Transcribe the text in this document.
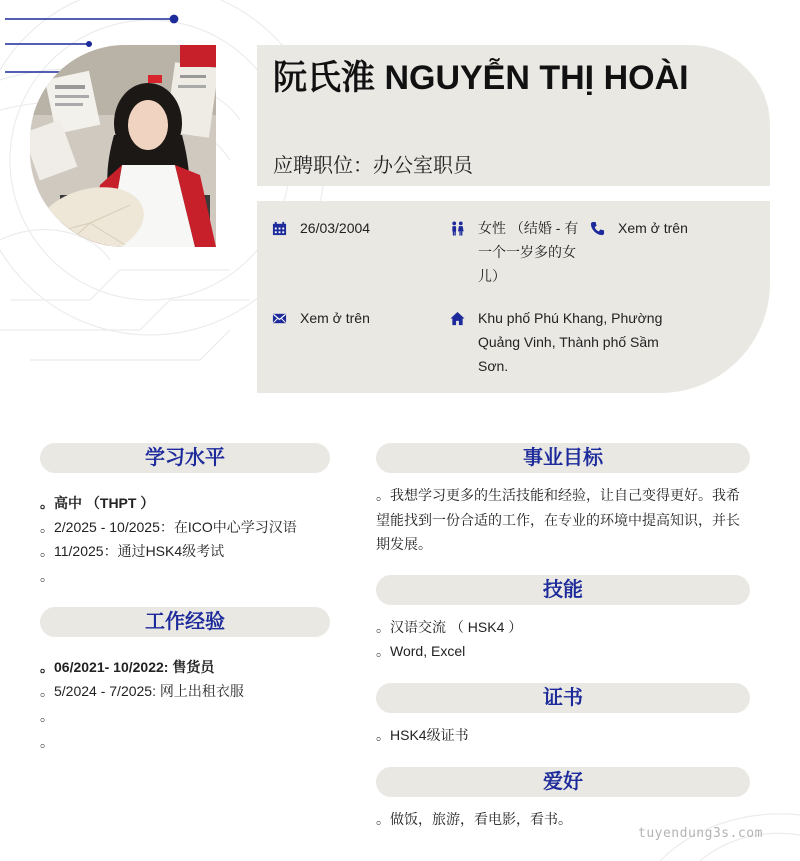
阮氏淮 NGUYỄN THỊ HOÀI
应聘职位：办公室职员
26/03/2004	女性 （结婚 - 有一个一岁多的女儿）
Xem ở trên
Xem ở trên	Khu phố Phú Khang, Phường Quảng Vinh, Thành phố Sầm Sơn.
学习水平
。 高中 （THPT ）
。 2/2025 - 10/2025：在ICO中心学习汉语
。 11/2025：通过HSK4级考试
。
工作经验
。 06/2021- 10/2022: 售货员
。 5/2024 - 7/2025: 网上出租衣服
。
。
事业目标
。我想学习更多的生活技能和经验，让自己变得更好。我希望能找到一份合适的工作，在专业的环境中提高知识，并长期发展。
技能
。 汉语交流 （ HSK4 ）
。 Word, Excel
证书
。 HSK4级证书
爱好
。 做饭，旅游，看电影，看书。
tuyendung3s.com
